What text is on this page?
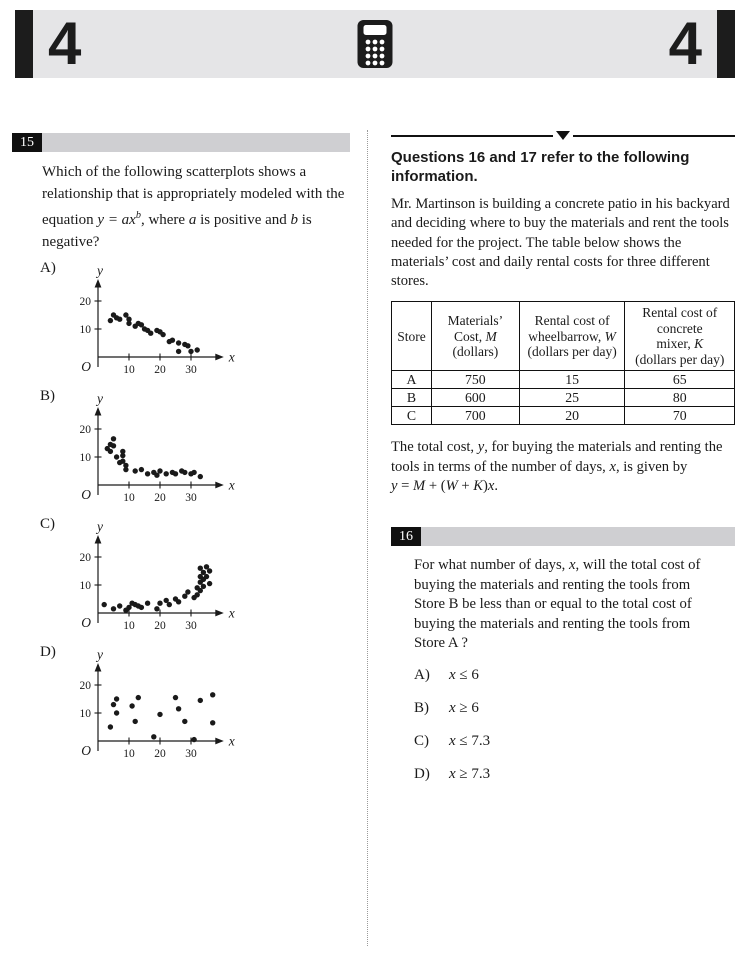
4	4
15

Which of the following scatterplots shows a relationship that is appropriately modeled with the equation $y = ax^b$, where a is positive and b is negative?

A)
10 20 30
10
20
O
x
y
B)
10 20 30
10
20
O
x
y
C)
10 20 30
10
20
O
x
y
D)
10 20 30
10
20
O
x
y
Questions 16 and 17 refer to the following information.

Mr. Martinson is building a concrete patio in his backyard and deciding where to buy the materials and rent the tools needed for the project. The table below shows the materials’ cost and daily rental costs for three different stores.

Store	Materials’
Cost, M
(dollars)	Rental cost of
wheelbarrow, W
(dollars per day)	Rental cost of
concrete
mixer, K
(dollars per day)
A	750	15	65
B	600	25	80
C	700	20	70

The total cost, y, for buying the materials and renting the tools in terms of the number of days, x, is given by
y = M + (W + K)x.

16

For what number of days, x, will the total cost of buying the materials and renting the tools from Store B be less than or equal to the total cost of buying the materials and renting the tools from Store A ?

A)	x ≤ 6
B)	x ≥ 6
C)	x ≤ 7.3
D)	x ≥ 7.3
